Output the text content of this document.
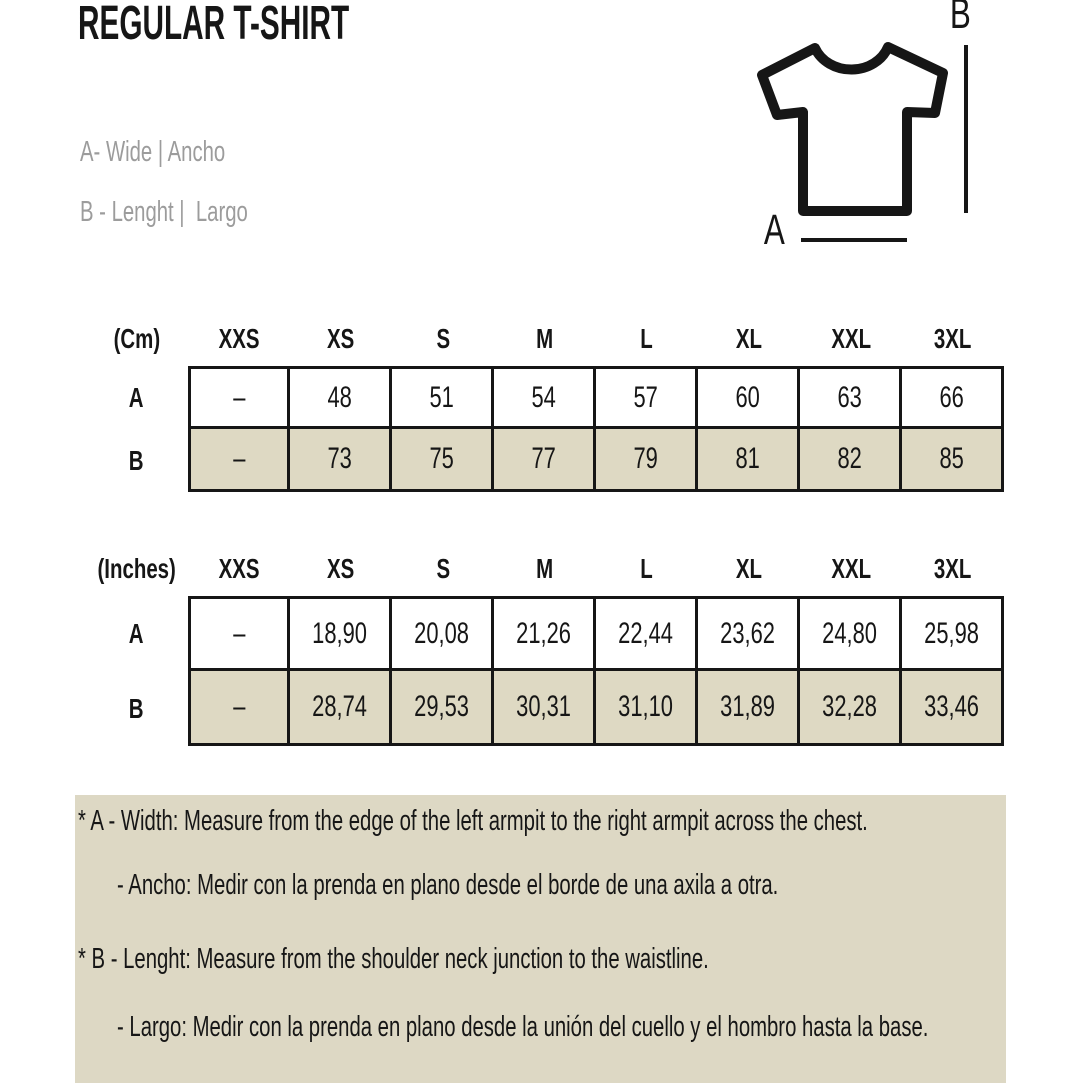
REGULAR T-SHIRT
A- Wide | Ancho
B - Lenght |  Largo
B
A
(Cm) XXS XS	S	M	L	XL XXL 3XL
A	–	48	51	54	57	60	63	66
B	–	73	75	77	79	81	82	85
(Inches) XXS XS	S	M	L	XL XXL 3XL
A	– 18,90 20,08 21,26 22,44 23,62 24,80 25,98
B	– 28,74 29,53 30,31 31,10 31,89 32,28 33,46
* A - Width: Measure from the edge of the left armpit to the right armpit across the chest.
- Ancho: Medir con la prenda en plano desde el borde de una axila a otra.
* B - Lenght: Measure from the shoulder neck junction to the waistline.
- Largo: Medir con la prenda en plano desde la unión del cuello y el hombro hasta la base.
